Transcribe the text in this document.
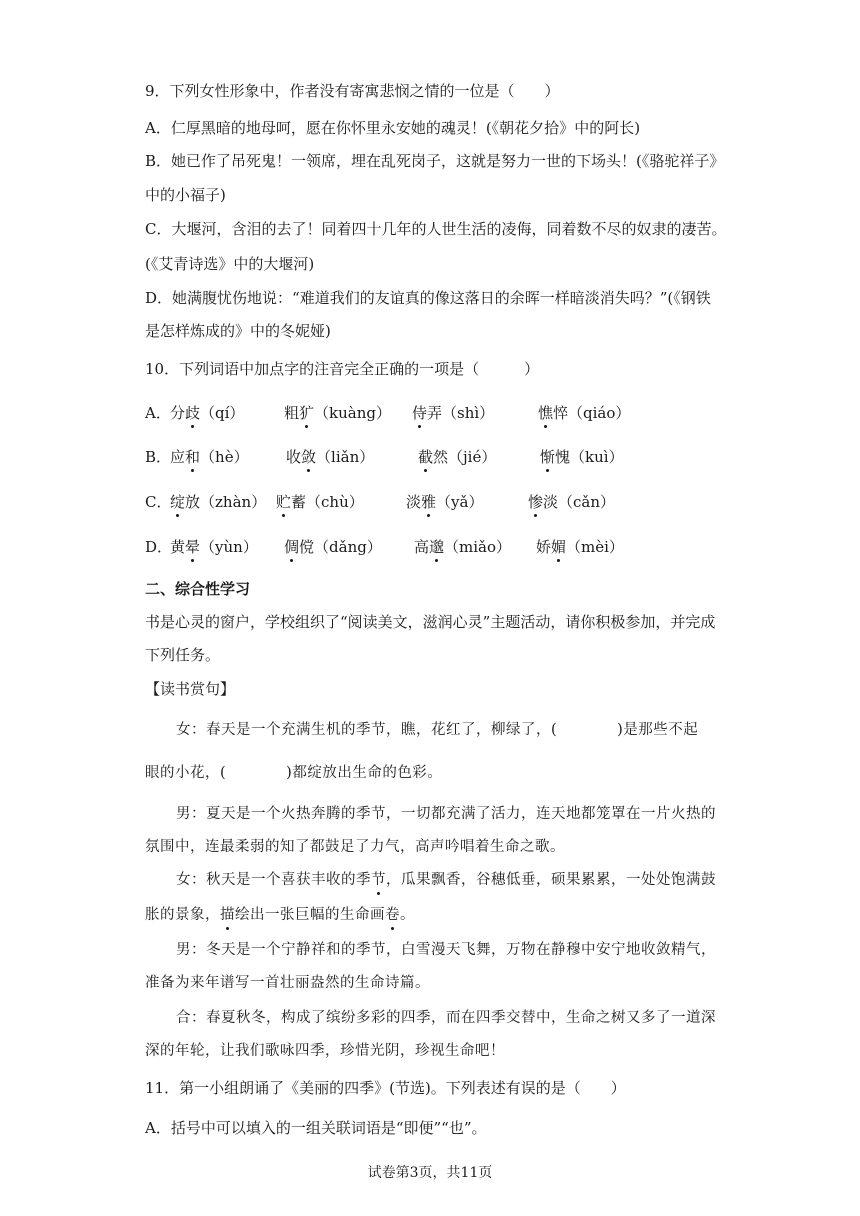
9．下列女性形象中，作者没有寄寓悲悯之情的一位是（　　）
A．仁厚黑暗的地母呵，愿在你怀里永安她的魂灵！(《朝花夕拾》中的阿长)
B．她已作了吊死鬼！一领席，埋在乱死岗子，这就是努力一世的下场头！(《骆驼祥子》
中的小福子)
C．大堰河，含泪的去了！同着四十几年的人世生活的凌侮，同着数不尽的奴隶的凄苦。
(《艾青诗选》中的大堰河)
D．她满腹忧伤地说：“难道我们的友谊真的像这落日的余晖一样暗淡消失吗？”(《钢铁
是怎样炼成的》中的冬妮娅)
10．下列词语中加点字的注音完全正确的一项是（　　　）
A． 分歧（qí）	粗犷（kuàng） 侍弄（shì）	憔悴（qiáo）
B．
应和（hè） 收敛（liǎn）	截然（jié）	惭愧（kuì）
C．
绽放（zhàn） 贮蓄（chù）	淡雅（yǎ）	惨淡（cǎn）
D．
黄晕（yùn） 倜傥（dǎng） 高邈（miǎo） 娇媚（mèi）
二、综合性学习
书是心灵的窗户，学校组织了“阅读美文，滋润心灵”主题活动，请你积极参加，并完成
下列任务。
【读书赏句】
女：春天是一个充满生机的季节，瞧，花红了，柳绿了，(　　　　)是那些不起
眼的小花，(　　　　)都绽放出生命的色彩。
男：夏天是一个火热奔腾的季节，一切都充满了活力，连天地都笼罩在一片火热的
氛围中，连最柔弱的知了都鼓足了力气，高声吟唱着生命之歌。
女：秋天是一个喜获丰收的季节，瓜果飘香，谷穗低垂，硕果累累，一处处饱满鼓
胀的景象，描绘出一张巨幅的生命画卷。
男：冬天是一个宁静祥和的季节，白雪漫天飞舞，万物在静穆中安宁地收敛精气，
准备为来年谱写一首壮丽盎然的生命诗篇。
合：春夏秋冬，构成了缤纷多彩的四季，而在四季交替中，生命之树又多了一道深
深的年轮，让我们歌咏四季，珍惜光阴，珍视生命吧！
11．第一小组朗诵了《美丽的四季》(节选)。下列表述有误的是（　　）
A．括号中可以填入的一组关联词语是“即便”“也”。
试卷第3页，共11页
